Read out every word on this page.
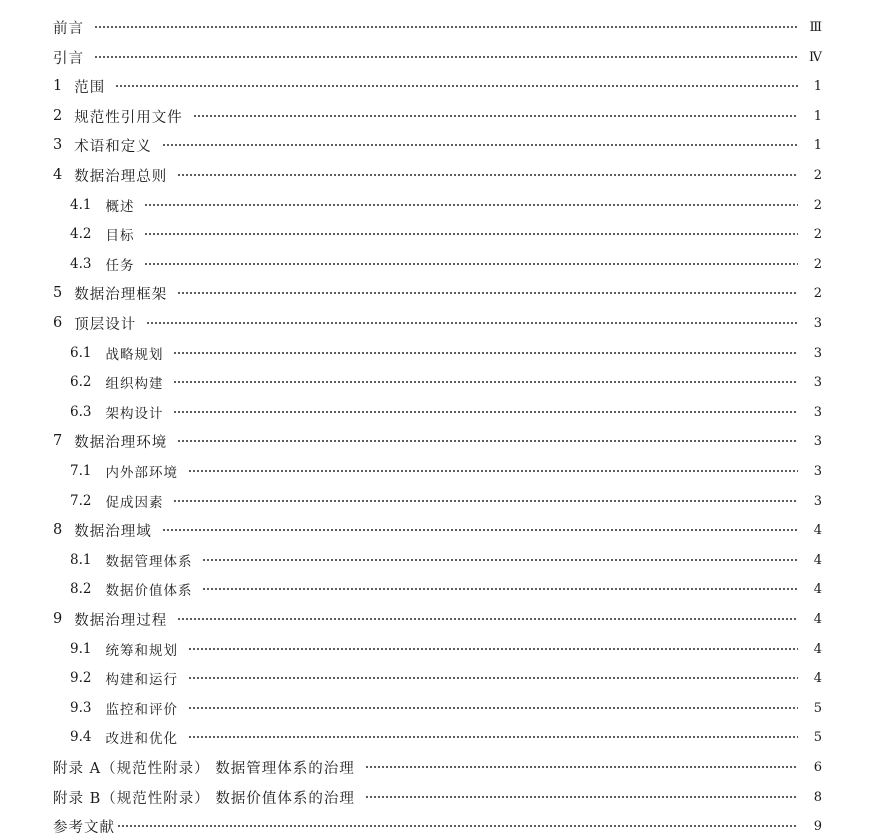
前言	Ⅲ
引言	Ⅳ
1 范围	1
2 规范性引用文件	1
3 术语和定义	1
4 数据治理总则	2
4.1 概述	2
4.2 目标	2
4.3 任务	2
5 数据治理框架	2
6 顶层设计	3
6.1 战略规划	3
6.2 组织构建	3
6.3 架构设计	3
7 数据治理环境	3
7.1 内外部环境	3
7.2 促成因素	3
8 数据治理域	4
8.1 数据管理体系	4
8.2 数据价值体系	4
9 数据治理过程	4
9.1 统筹和规划	4
9.2 构建和运行	4
9.3 监控和评价	5
9.4 改进和优化	5
附录 A（规范性附录） 数据管理体系的治理	6
附录 B（规范性附录） 数据价值体系的治理	8
参考文献	9
